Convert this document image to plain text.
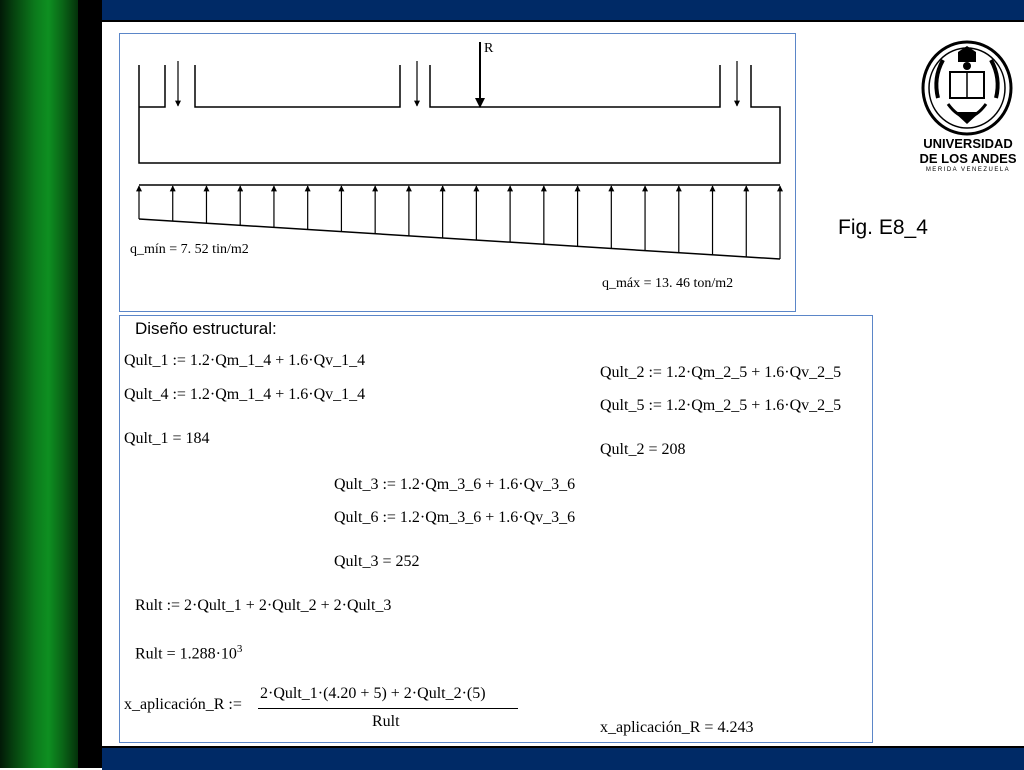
R
q_mín = 7. 52 tin/m2
q_máx = 13. 46 ton/m2
Fig. E8_4
UNIVERSIDAD
DE LOS ANDES
MERIDA VENEZUELA
Diseño estructural:
Qult_1 := 1.2·Qm_1_4 + 1.6·Qv_1_4
Qult_4 := 1.2·Qm_1_4 + 1.6·Qv_1_4
Qult_1 = 184
Qult_2 := 1.2·Qm_2_5 + 1.6·Qv_2_5
Qult_5 := 1.2·Qm_2_5 + 1.6·Qv_2_5
Qult_2 = 208
Qult_3 := 1.2·Qm_3_6 + 1.6·Qv_3_6
Qult_6 := 1.2·Qm_3_6 + 1.6·Qv_3_6
Qult_3 = 252
Rult := 2·Qult_1 + 2·Qult_2 + 2·Qult_3
Rult = $1.288\cdot 10^3$
x_aplicación_R :=
2·Qult_1·(4.20 + 5) + 2·Qult_2·(5)
Rult	x_aplicación_R = 4.243
